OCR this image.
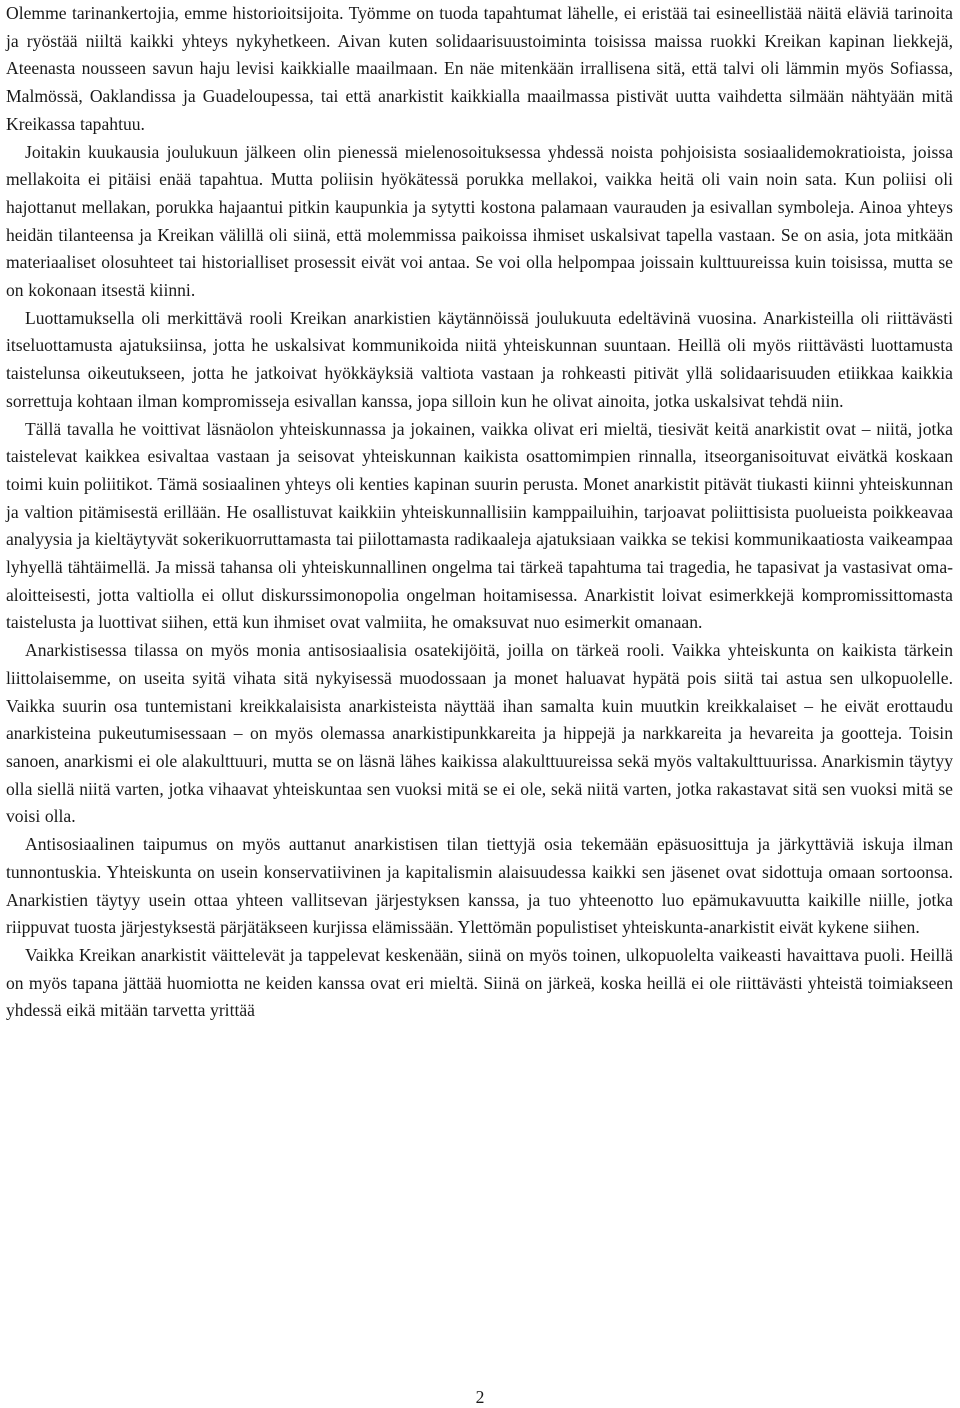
Olemme tarinankertojia, emme historioitsijoita. Työmme on tuoda tapahtumat lähelle, ei eristää tai esineellistää näitä eläviä tarinoita ja ryöstää niiltä kaikki yhteys nykyhetkeen. Aivan kuten solidaarisuustoiminta toisissa maissa ruokki Kreikan kapinan liekkejä, Ateenasta nousseen savun haju levisi kaikkialle maailmaan. En näe mitenkään irrallisena sitä, että talvi oli lämmin myös Sofiassa, Malmössä, Oaklandissa ja Guadeloupessa, tai että anarkistit kaikkialla maailmassa pistivät uutta vaihdetta silmään nähtyään mitä Kreikassa tapahtuu.

Joitakin kuukausia joulukuun jälkeen olin pienessä mielenosoituksessa yhdessä noista pohjoisista sosiaalidemokratioista, joissa mellakoita ei pitäisi enää tapahtua. Mutta poliisin hyökätessä porukka mellakoi, vaikka heitä oli vain noin sata. Kun poliisi oli hajottanut mellakan, porukka hajaantui pitkin kaupunkia ja sytytti kostona palamaan vaurauden ja esivallan symboleja. Ainoa yhteys heidän tilanteensa ja Kreikan välillä oli siinä, että molemmissa paikoissa ihmiset uskalsivat tapella vastaan. Se on asia, jota mitkään materiaaliset olosuhteet tai historialliset prosessit eivät voi antaa. Se voi olla helpompaa joissain kulttuureissa kuin toisissa, mutta se on kokonaan itsestä kiinni.

Luottamuksella oli merkittävä rooli Kreikan anarkistien käytännöissä joulukuuta edeltävinä vuosina. Anarkisteilla oli riittävästi itseluottamusta ajatuksiinsa, jotta he uskalsivat kommunikoida niitä yhteiskunnan suuntaan. Heillä oli myös riittävästi luottamusta taistelunsa oikeutukseen, jotta he jatkoivat hyökkäyksiä valtiota vastaan ja rohkeasti pitivät yllä solidaarisuuden etiikkaa kaikkia sorrettuja kohtaan ilman kompromisseja esivallan kanssa, jopa silloin kun he olivat ainoita, jotka uskalsivat tehdä niin.

Tällä tavalla he voittivat läsnäolon yhteiskunnassa ja jokainen, vaikka olivat eri mieltä, tiesivät keitä anarkistit ovat – niitä, jotka taistelevat kaikkea esivaltaa vastaan ja seisovat yhteiskunnan kaikista osattomimpien rinnalla, itseorganisoituvat eivätkä koskaan toimi kuin poliitikot. Tämä sosiaalinen yhteys oli kenties kapinan suurin perusta. Monet anarkistit pitävät tiukasti kiinni yhteiskunnan ja valtion pitämisestä erillään. He osallistuvat kaikkiin yhteiskunnallisiin kamppailuihin, tarjoavat poliittisista puolueista poikkeavaa analyysia ja kieltäytyvät sokerikuorruttamasta tai piilottamasta radikaaleja ajatuksiaan vaikka se tekisi kommunikaatiosta vaikeampaa lyhyellä tähtäimellä. Ja missä tahansa oli yhteiskunnallinen ongelma tai tärkeä tapahtuma tai tragedia, he tapasivat ja vastasivat oma-aloitteisesti, jotta valtiolla ei ollut diskurssimonopolia ongelman hoitamisessa. Anarkistit loivat esimerkkejä kompromissittomasta taistelusta ja luottivat siihen, että kun ihmiset ovat valmiita, he omaksuvat nuo esimerkit omanaan.

Anarkistisessa tilassa on myös monia antisosiaalisia osatekijöitä, joilla on tärkeä rooli. Vaikka yhteiskunta on kaikista tärkein liittolaisemme, on useita syitä vihata sitä nykyisessä muodossaan ja monet haluavat hypätä pois siitä tai astua sen ulkopuolelle. Vaikka suurin osa tuntemistani kreikkalaisista anarkisteista näyttää ihan samalta kuin muutkin kreikkalaiset – he eivät erottaudu anarkisteina pukeutumisessaan – on myös olemassa anarkistipunkkareita ja hippejä ja narkkareita ja hevareita ja gootteja. Toisin sanoen, anarkismi ei ole alakulttuuri, mutta se on läsnä lähes kaikissa alakulttuureissa sekä myös valtakulttuurissa. Anarkismin täytyy olla siellä niitä varten, jotka vihaavat yhteiskuntaa sen vuoksi mitä se ei ole, sekä niitä varten, jotka rakastavat sitä sen vuoksi mitä se voisi olla.

Antisosiaalinen taipumus on myös auttanut anarkistisen tilan tiettyjä osia tekemään epäsuosittuja ja järkyttäviä iskuja ilman tunnontuskia. Yhteiskunta on usein konservatiivinen ja kapitalismin alaisuudessa kaikki sen jäsenet ovat sidottuja omaan sortoonsa. Anarkistien täytyy usein ottaa yhteen vallitsevan järjestyksen kanssa, ja tuo yhteenotto luo epämukavuutta kaikille niille, jotka riippuvat tuosta järjestyksestä pärjätäkseen kurjissa elämissään. Ylettömän populistiset yhteiskunta-anarkistit eivät kykene siihen.

Vaikka Kreikan anarkistit väittelevät ja tappelevat keskenään, siinä on myös toinen, ulkopuolelta vaikeasti havaittava puoli. Heillä on myös tapana jättää huomiotta ne keiden kanssa ovat eri mieltä. Siinä on järkeä, koska heillä ei ole riittävästi yhteistä toimiakseen yhdessä eikä mitään tarvetta yrittää

2
